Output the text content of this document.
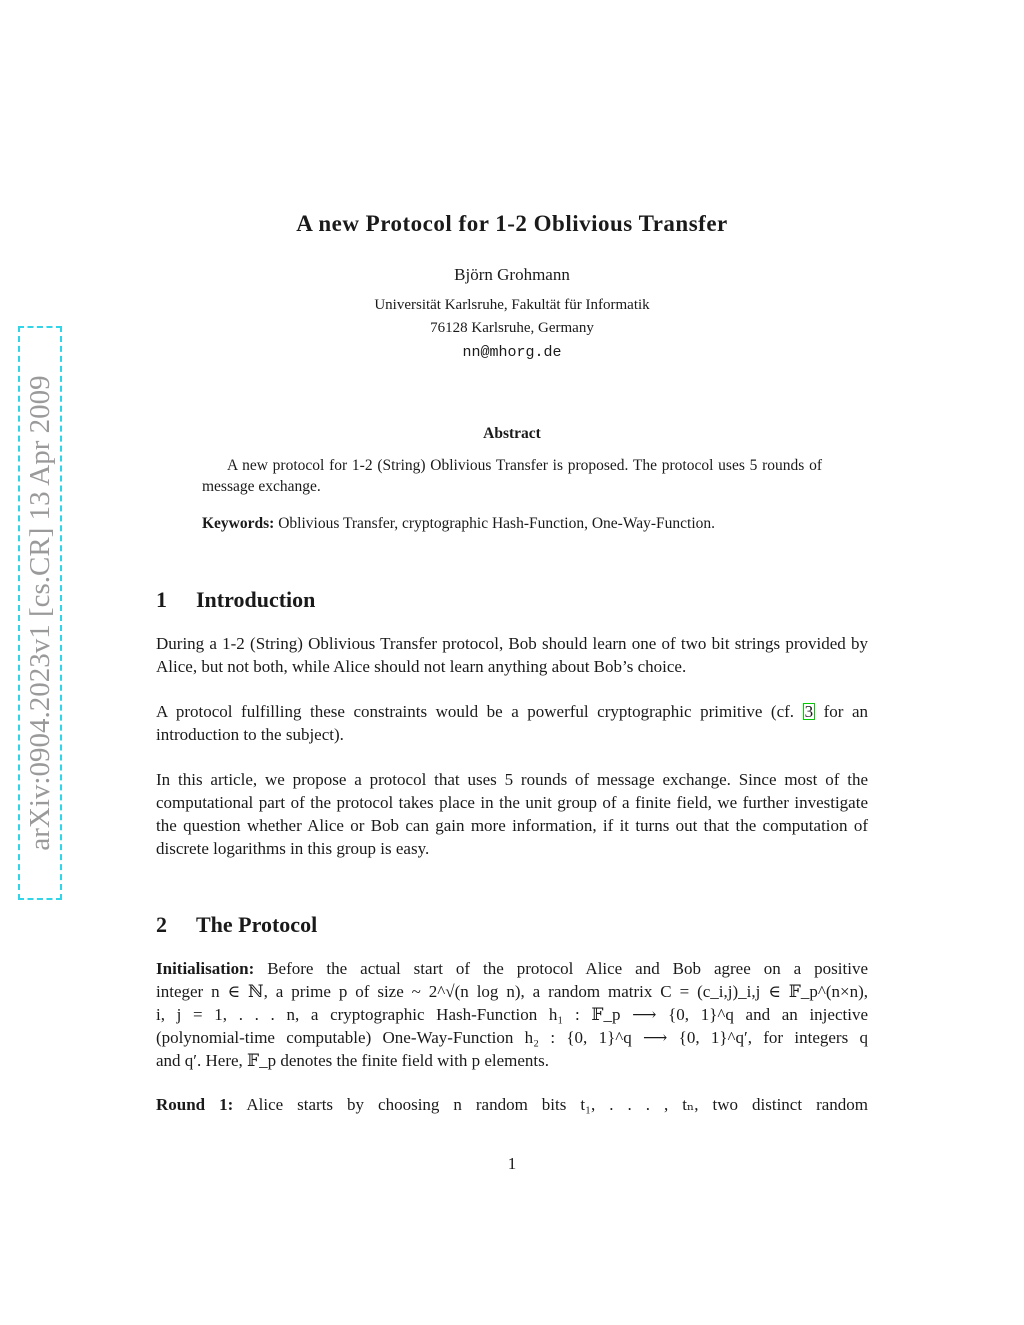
arXiv:0904.2023v1 [cs.CR] 13 Apr 2009
A new Protocol for 1-2 Oblivious Transfer
Björn Grohmann
Universität Karlsruhe, Fakultät für Informatik
76128 Karlsruhe, Germany
nn@mhorg.de
Abstract
A new protocol for 1-2 (String) Oblivious Transfer is proposed. The protocol uses 5 rounds of message exchange.
Keywords: Oblivious Transfer, cryptographic Hash-Function, One-Way-Function.
1 Introduction
During a 1-2 (String) Oblivious Transfer protocol, Bob should learn one of two bit strings provided by Alice, but not both, while Alice should not learn anything about Bob’s choice.
A protocol fulfilling these constraints would be a powerful cryptographic primitive (cf. 3 for an introduction to the subject).
In this article, we propose a protocol that uses 5 rounds of message exchange. Since most of the computational part of the protocol takes place in the unit group of a finite field, we further investigate the question whether Alice or Bob can gain more information, if it turns out that the computation of discrete logarithms in this group is easy.
2 The Protocol
Initialisation: Before the actual start of the protocol Alice and Bob agree on a positive
integer n ∈ ℕ, a prime p of size ~ 2^√(n log n), a random matrix C = (c_i,j)_i,j ∈ 𝔽_p^(n×n),
i, j = 1, . . . n, a cryptographic Hash-Function h₁ : 𝔽_p ⟶ {0, 1}^q and an injective
(polynomial-time computable) One-Way-Function h₂ : {0, 1}^q ⟶ {0, 1}^q′, for integers q
and q′. Here, 𝔽_p denotes the finite field with p elements.
Round 1: Alice starts by choosing n random bits t₁, . . . , tₙ, two distinct random
1
